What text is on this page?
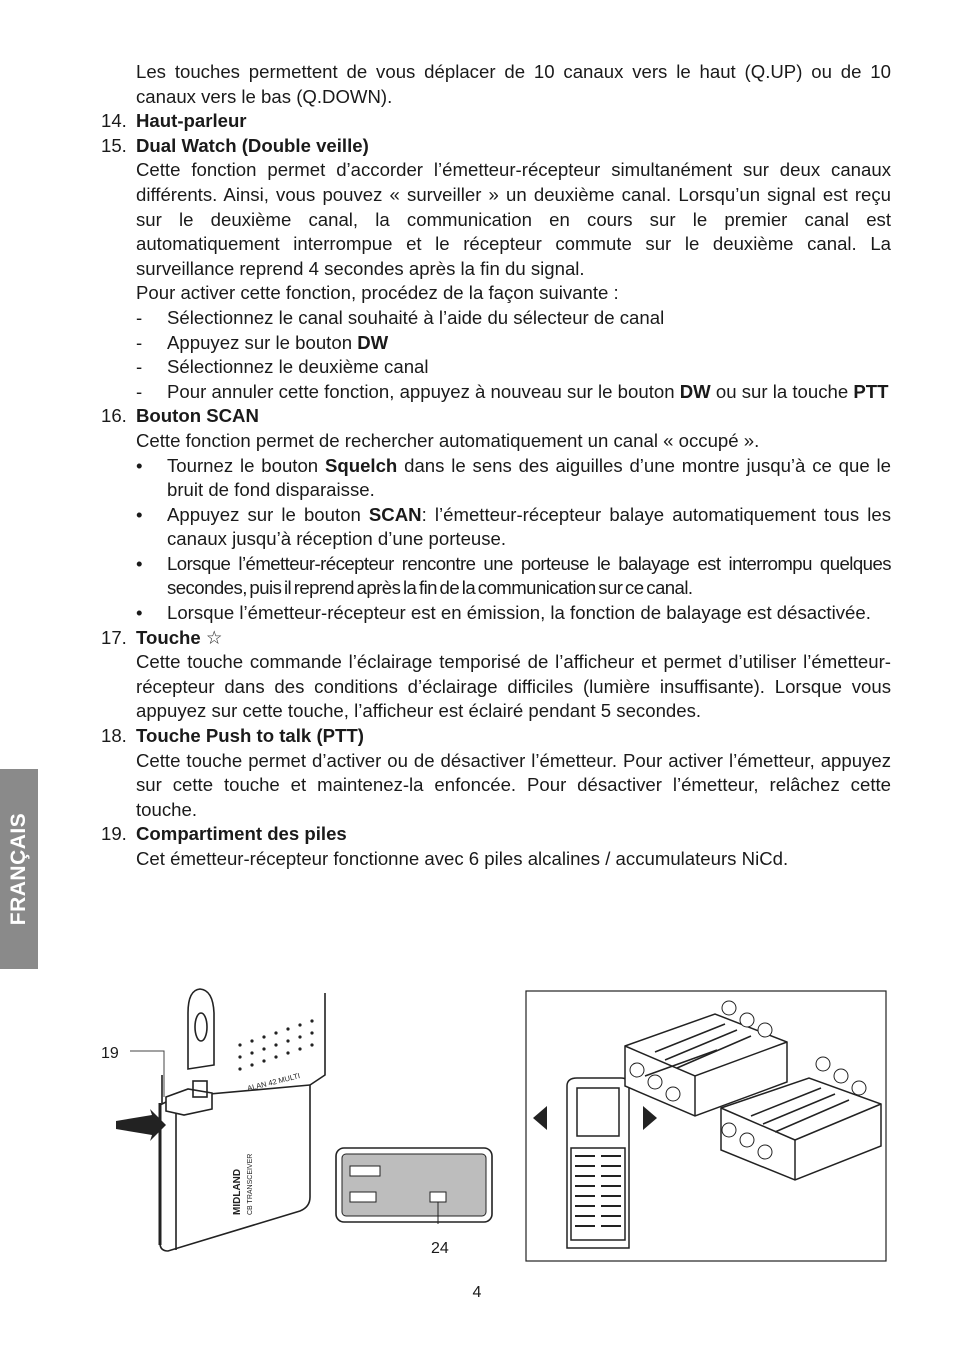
FRANÇAIS
Les touches permettent de vous déplacer de 10 canaux vers le haut (Q.UP) ou de 10 canaux vers le bas (Q.DOWN).
14. Haut-parleur
15. Dual Watch (Double veille)
Cette fonction permet d’accorder l’émetteur-récepteur simultanément sur deux canaux différents. Ainsi, vous pouvez « surveiller » un deuxième canal. Lorsqu’un signal est reçu sur le deuxième canal, la communication en cours sur le premier canal est automatiquement interrompue et le récepteur commute sur le deuxième canal. La surveillance reprend 4 secondes après la fin du signal.
Pour activer cette fonction, procédez de la façon suivante :
- Sélectionnez le canal souhaité à l’aide du sélecteur de canal
- Appuyez sur le bouton DW
- Sélectionnez le deuxième canal
- Pour annuler cette fonction, appuyez à nouveau sur le bouton DW ou sur la touche PTT
16. Bouton SCAN
Cette fonction permet de rechercher automatiquement un canal « occupé ».
• Tournez le bouton Squelch dans le sens des aiguilles d’une montre jusqu’à ce que le bruit de fond disparaisse.
• Appuyez sur le bouton SCAN: l’émetteur-récepteur balaye automatiquement tous les canaux jusqu’à réception d’une porteuse.
• Lorsque l’émetteur-récepteur rencontre une porteuse le balayage est interrompu quelques secondes, puis il reprend après la fin de la communication sur ce canal.
• Lorsque l’émetteur-récepteur est en émission, la fonction de balayage est désactivée.
17. Touche ☆
Cette touche commande l’éclairage temporisé de l’afficheur et permet d’utiliser l’émetteur-récepteur dans des conditions d’éclairage difficiles (lumière insuffisante). Lorsque vous appuyez sur cette touche, l’afficheur est éclairé pendant 5 secondes.
18. Touche Push to talk (PTT)
Cette touche permet d’activer ou de désactiver l’émetteur. Pour activer l’émetteur, appuyez sur cette touche et maintenez-la enfoncée. Pour désactiver l’émetteur, relâchez cette touche.
19. Compartiment des piles
Cet émetteur-récepteur fonctionne avec 6 piles alcalines / accumulateurs NiCd.
ALAN 42 MULTI
MIDLAND CB TRANSCEIVER
19
24
4
